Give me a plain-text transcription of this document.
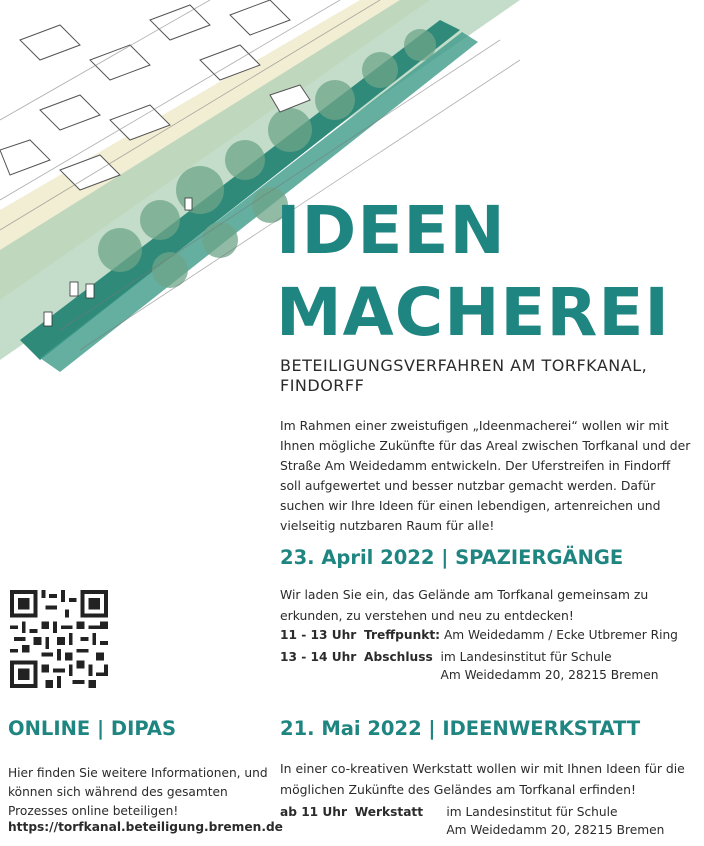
IDEEN
MACHEREI

BETEILIGUNGSVERFAHREN AM TORFKANAL, FINDORFF

Im Rahmen einer zweistufigen „Ideenmacherei“ wollen wir mit Ihnen mögliche Zukünfte für das Areal zwischen Torfkanal und der Straße Am Weidedamm entwickeln. Der Uferstreifen in Findorff soll aufgewertet und besser nutzbar gemacht werden. Dafür suchen wir Ihre Ideen für einen lebendigen, artenreichen und vielseitig nutzbaren Raum für alle!

23. April 2022 | SPAZIERGÄNGE

Wir laden Sie ein, das Gelände am Torfkanal gemeinsam zu erkunden, zu verstehen und neu zu entdecken!

11 - 13 Uhr Treffpunkt: Am Weidedamm / Ecke Utbremer Ring
13 - 14 Uhr Abschluss im Landesinstitut für Schule
Am Weidedamm 20, 28215 Bremen
21. Mai 2022 | IDEENWERKSTATT

In einer co-kreativen Werkstatt wollen wir mit Ihnen Ideen für die möglichen Zukünfte des Geländes am Torfkanal erfinden!

ab 11 Uhr Werkstatt im Landesinstitut für Schule
Am Weidedamm 20, 28215 Bremen
ONLINE | DIPAS

Hier finden Sie weitere Informationen, und können sich während des gesamten Prozesses online beteiligen!

https://torfkanal.beteiligung.bremen.de
